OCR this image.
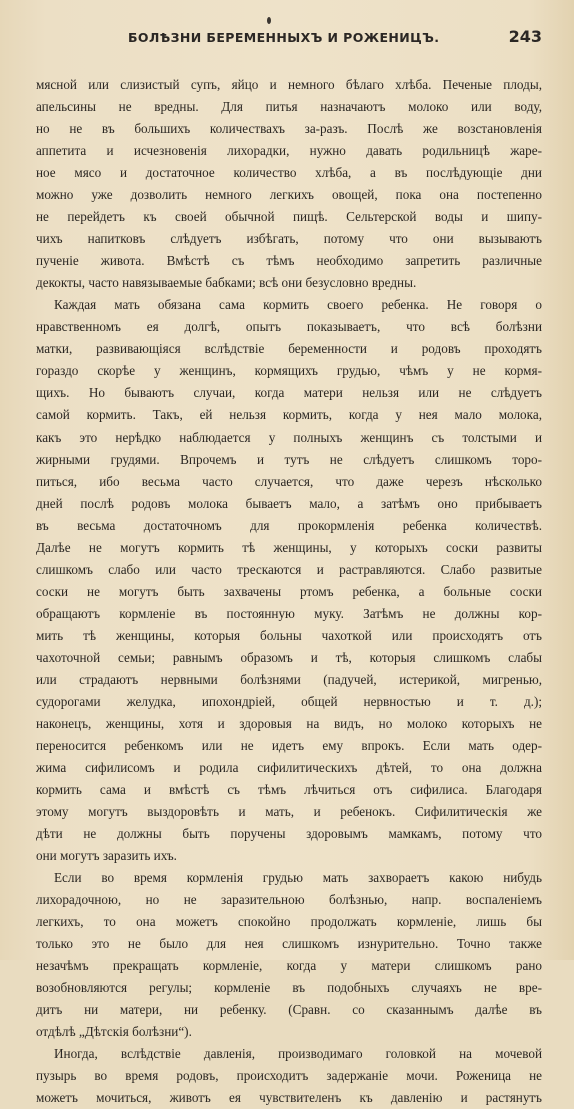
БОЛѢЗНИ БЕРЕМЕННЫХЪ И РОЖЕНИЦЪ.	243
мясной или слизистый супъ, яйцо и немного бѣлаго хлѣба. Печеные плоды,
апельсины не вредны. Для питья назначаютъ молоко или воду,
но не въ большихъ количествахъ за-разъ. Послѣ же возстановленія
аппетита и исчезновенія лихорадки, нужно давать родильницѣ жаре-
ное мясо и достаточное количество хлѣба, а въ послѣдующіе дни
можно уже дозволить немного легкихъ овощей, пока она постепенно
не перейдетъ къ своей обычной пищѣ. Сельтерской воды и шипу-
чихъ напитковъ слѣдуетъ избѣгать, потому что они вызываютъ
пученіе живота. Вмѣстѣ съ тѣмъ необходимо запретить различные
декокты, часто навязываемые бабками; всѣ они безусловно вредны.
Каждая мать обязана сама кормить своего ребенка. Не говоря о
нравственномъ ея долгѣ, опытъ показываетъ, что всѣ болѣзни
матки, развивающіяся вслѣдствіе беременности и родовъ проходятъ
гораздо скорѣе у женщинъ, кормящихъ грудью, чѣмъ у не кормя-
щихъ. Но бываютъ случаи, когда матери нельзя или не слѣдуетъ
самой кормить. Такъ, ей нельзя кормить, когда у нея мало молока,
какъ это нерѣдко наблюдается у полныхъ женщинъ съ толстыми и
жирными грудями. Впрочемъ и тутъ не слѣдуетъ слишкомъ торо-
питься, ибо весьма часто случается, что даже черезъ нѣсколько
дней послѣ родовъ молока бываетъ мало, а затѣмъ оно прибываетъ
въ весьма достаточномъ для прокормленія ребенка количествѣ.
Далѣе не могутъ кормить тѣ женщины, у которыхъ соски развиты
слишкомъ слабо или часто трескаются и растравляются. Слабо развитые
соски не могутъ быть захвачены ртомъ ребенка, а больные соски
обращаютъ кормленіе въ постоянную муку. Затѣмъ не должны кор-
мить тѣ женщины, которыя больны чахоткой или происходятъ отъ
чахоточной семьи; равнымъ образомъ и тѣ, которыя слишкомъ слабы
или страдаютъ нервными болѣзнями (падучей, истерикой, мигренью,
судорогами желудка, ипохондріей, общей нервностью и т. д.);
наконецъ, женщины, хотя и здоровыя на видъ, но молоко которыхъ не
переносится ребенкомъ или не идетъ ему впрокъ. Если мать одер-
жима сифилисомъ и родила сифилитическихъ дѣтей, то она должна
кормить сама и вмѣстѣ съ тѣмъ лѣчиться отъ сифилиса. Благодаря
этому могутъ выздоровѣть и мать, и ребенокъ. Сифилитическія же
дѣти не должны быть поручены здоровымъ мамкамъ, потому что
они могутъ заразить ихъ.
Если во время кормленія грудью мать захвораетъ какою нибудь
лихорадочною, но не заразительною болѣзнью, напр. воспаленіемъ
легкихъ, то она можетъ спокойно продолжать кормленіе, лишь бы
только это не было для нея слишкомъ изнурительно. Точно также
незачѣмъ прекращать кормленіе, когда у матери слишкомъ рано
возобновляются регулы; кормленіе въ подобныхъ случаяхъ не вре-
дитъ ни матери, ни ребенку. (Сравн. со сказаннымъ далѣе въ
отдѣлѣ „Дѣтскія болѣзни“).
Иногда, вслѣдствіе давленія, производимаго головкой на мочевой
пузырь во время родовъ, происходитъ задержаніе мочи. Роженица не
можетъ мочиться, животъ ея чувствителенъ къ давленію и растянутъ
